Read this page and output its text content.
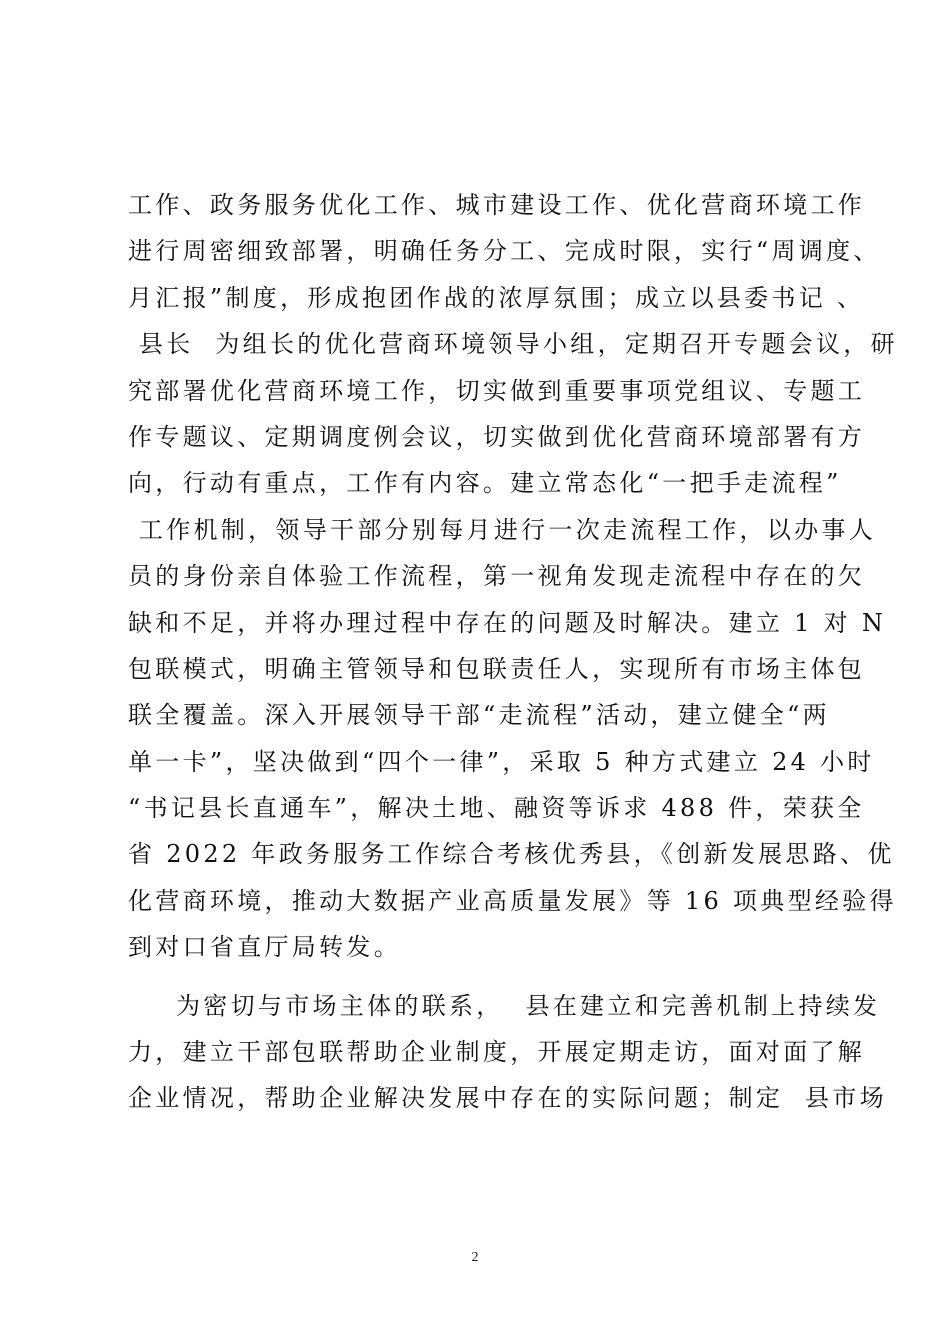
工作、政务服务优化工作、城市建设工作、优化营商环境工作
进行周密细致部署，明确任务分工、完成时限，实行“周调度、
月汇报”制度，形成抱团作战的浓厚氛围；成立以县委书记 、
县长  为组长的优化营商环境领导小组，定期召开专题会议，研
究部署优化营商环境工作，切实做到重要事项党组议、专题工
作专题议、定期调度例会议，切实做到优化营商环境部署有方
向，行动有重点，工作有内容。建立常态化“一把手走流程”
工作机制，领导干部分别每月进行一次走流程工作，以办事人
员的身份亲自体验工作流程，第一视角发现走流程中存在的欠
缺和不足，并将办理过程中存在的问题及时解决。建立 1 对 N
包联模式，明确主管领导和包联责任人，实现所有市场主体包
联全覆盖。深入开展领导干部“走流程”活动，建立健全“两
单一卡”，坚决做到“四个一律”，采取 5 种方式建立 24 小时
“书记县长直通车”，解决土地、融资等诉求 488 件，荣获全
省 2022 年政务服务工作综合考核优秀县，《创新发展思路、优
化营商环境，推动大数据产业高质量发展》等 16 项典型经验得
到对口省直厅局转发。
为密切与市场主体的联系，  县在建立和完善机制上持续发
力，建立干部包联帮助企业制度，开展定期走访，面对面了解
企业情况，帮助企业解决发展中存在的实际问题；制定  县市场
2
